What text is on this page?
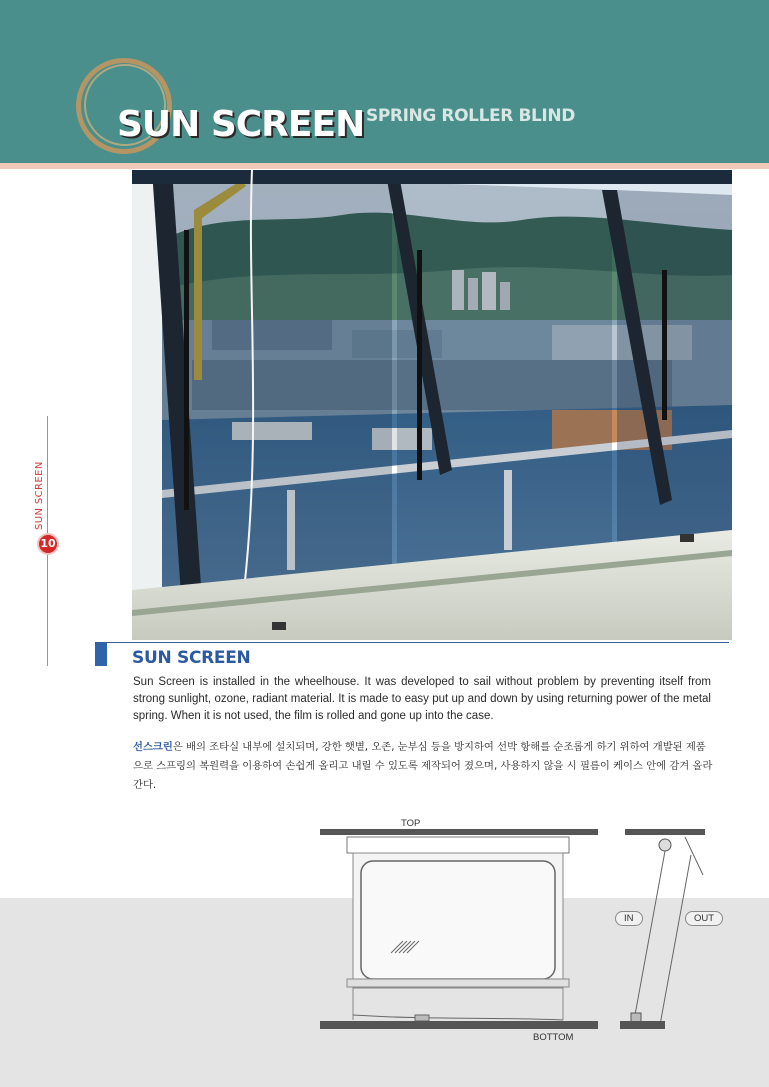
SUN SCREEN SPRING ROLLER BLIND
SUN SCREEN
10
SUN SCREEN

Sun Screen is installed in the wheelhouse. It was developed to sail without problem by preventing itself from strong sunlight, ozone, radiant material. It is made to easy put up and down by using returning power of the metal spring. When it is not used, the film is rolled and gone up into the case.

선스크린은 배의 조타실 내부에 설치되며, 강한 햇볕, 오존, 눈부심 등을 방지하여 선박 항해를 순조롭게 하기 위하여 개발된 제품으로 스프링의 복원력을 이용하여 손쉽게 올리고 내릴 수 있도록 제작되어 졌으며, 사용하지 않을 시 필름이 케이스 안에 감겨 올라간다.

TOP
BOTTOM
IN	OUT
